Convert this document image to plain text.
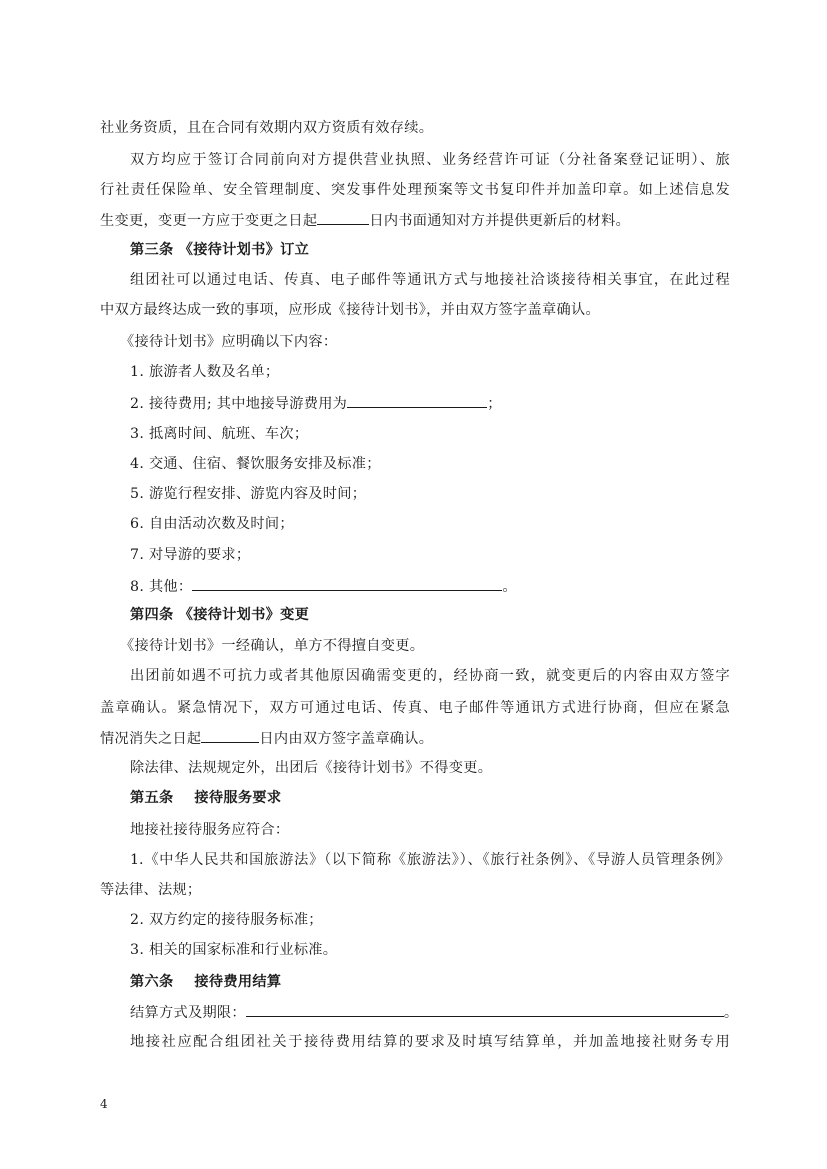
社业务资质，且在合同有效期内双方资质有效存续。
双方均应于签订合同前向对方提供营业执照、业务经营许可证（分社备案登记证明）、旅
行社责任保险单、安全管理制度、突发事件处理预案等文书复印件并加盖印章。如上述信息发
生变更，变更一方应于变更之日起	日内书面通知对方并提供更新后的材料。
第三条 《接待计划书》订立
组团社可以通过电话、传真、电子邮件等通讯方式与地接社洽谈接待相关事宜，在此过程
中双方最终达成一致的事项，应形成《接待计划书》，并由双方签字盖章确认。
《接待计划书》应明确以下内容：
1. 旅游者人数及名单；
2. 接待费用; 其中地接导游费用为	；
3. 抵离时间、航班、车次；
4. 交通、住宿、餐饮服务安排及标准；
5. 游览行程安排、游览内容及时间；
6. 自由活动次数及时间；
7. 对导游的要求；
8. 其他：	。
第四条 《接待计划书》变更
《接待计划书》一经确认，单方不得擅自变更。
出团前如遇不可抗力或者其他原因确需变更的，经协商一致，就变更后的内容由双方签字
盖章确认。紧急情况下，双方可通过电话、传真、电子邮件等通讯方式进行协商，但应在紧急
情况消失之日起	日内由双方签字盖章确认。
除法律、法规规定外，出团后《接待计划书》不得变更。
第五条    接待服务要求
地接社接待服务应符合：
1.《中华人民共和国旅游法》（以下简称《旅游法》）、《旅行社条例》、《导游人员管理条例》
等法律、法规；
2. 双方约定的接待服务标准；
3. 相关的国家标准和行业标准。
第六条    接待费用结算
结算方式及期限：	。
地接社应配合组团社关于接待费用结算的要求及时填写结算单，并加盖地接社财务专用
4
